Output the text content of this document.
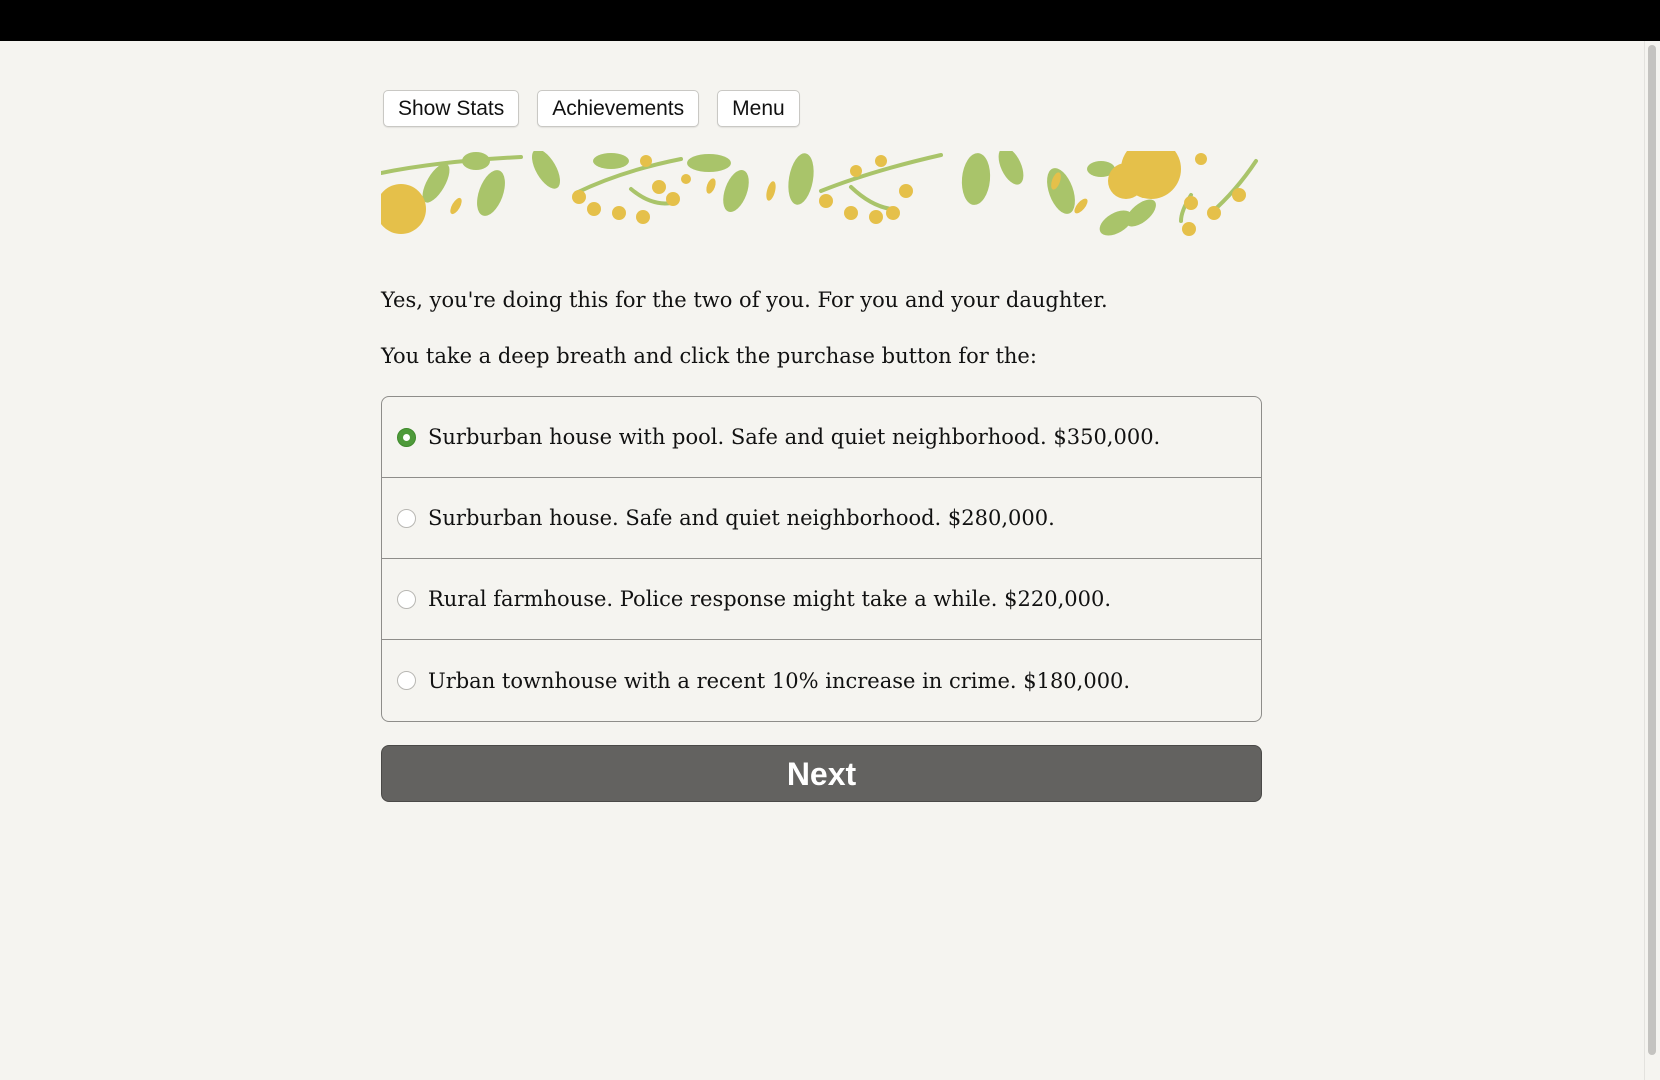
Show Stats	Achievements	Menu

Yes, you're doing this for the two of you. For you and your daughter.

You take a deep breath and click the purchase button for the:

Surburban house with pool. Safe and quiet neighborhood. $350,000.
Surburban house. Safe and quiet neighborhood. $280,000.
Rural farmhouse. Police response might take a while. $220,000.
Urban townhouse with a recent 10% increase in crime. $180,000.
Next
